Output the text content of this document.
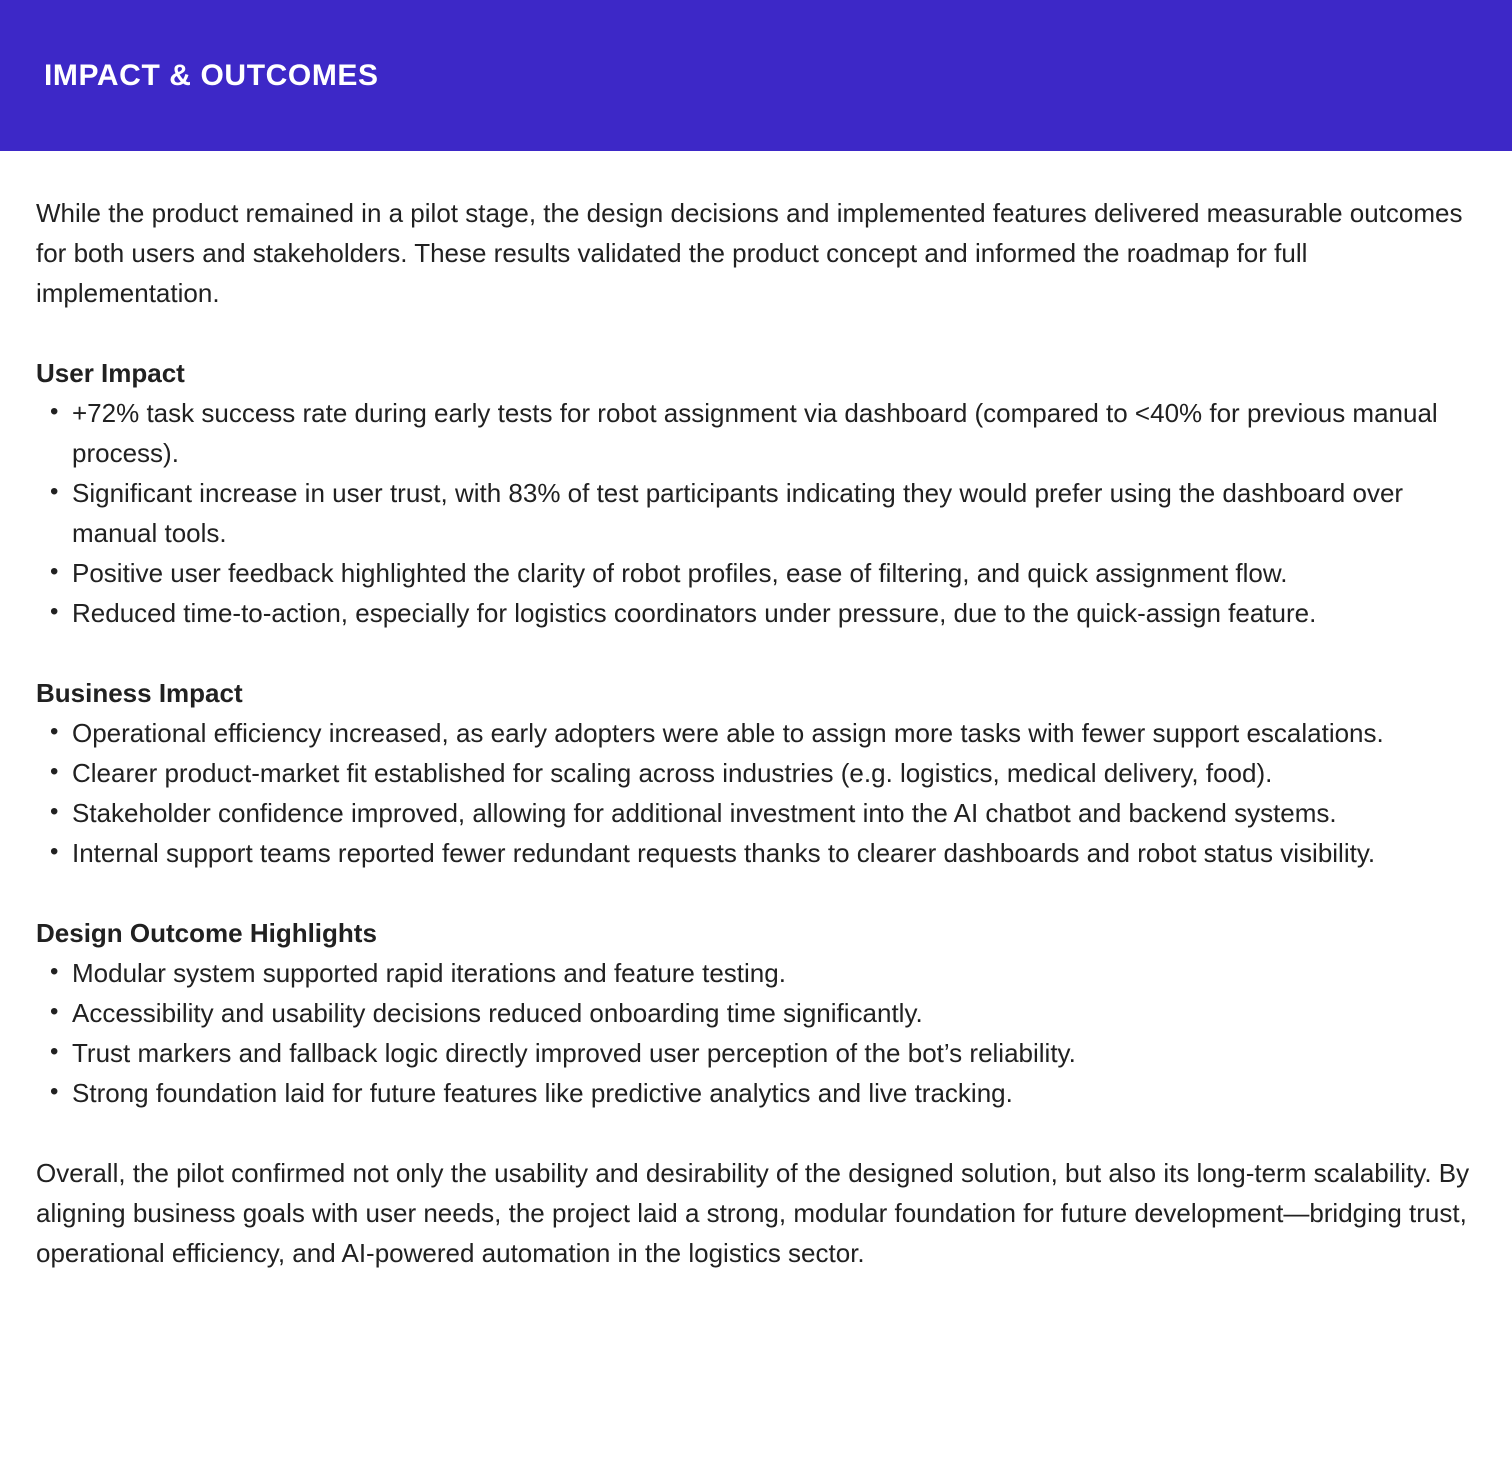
IMPACT & OUTCOMES

While the product remained in a pilot stage, the design decisions and implemented features delivered measurable outcomes for both users and stakeholders. These results validated the product concept and informed the roadmap for full implementation.

User Impact
• +72% task success rate during early tests for robot assignment via dashboard (compared to <40% for previous manual process).
• Significant increase in user trust, with 83% of test participants indicating they would prefer using the dashboard over manual tools.
• Positive user feedback highlighted the clarity of robot profiles, ease of filtering, and quick assignment flow.
• Reduced time-to-action, especially for logistics coordinators under pressure, due to the quick-assign feature.
Business Impact
• Operational efficiency increased, as early adopters were able to assign more tasks with fewer support escalations.
• Clearer product-market fit established for scaling across industries (e.g. logistics, medical delivery, food).
• Stakeholder confidence improved, allowing for additional investment into the AI chatbot and backend systems.
• Internal support teams reported fewer redundant requests thanks to clearer dashboards and robot status visibility.
Design Outcome Highlights
• Modular system supported rapid iterations and feature testing.
• Accessibility and usability decisions reduced onboarding time significantly.
• Trust markers and fallback logic directly improved user perception of the bot’s reliability.
• Strong foundation laid for future features like predictive analytics and live tracking.

Overall, the pilot confirmed not only the usability and desirability of the designed solution, but also its long-term scalability. By aligning business goals with user needs, the project laid a strong, modular foundation for future development—bridging trust, operational efficiency, and AI-powered automation in the logistics sector.
